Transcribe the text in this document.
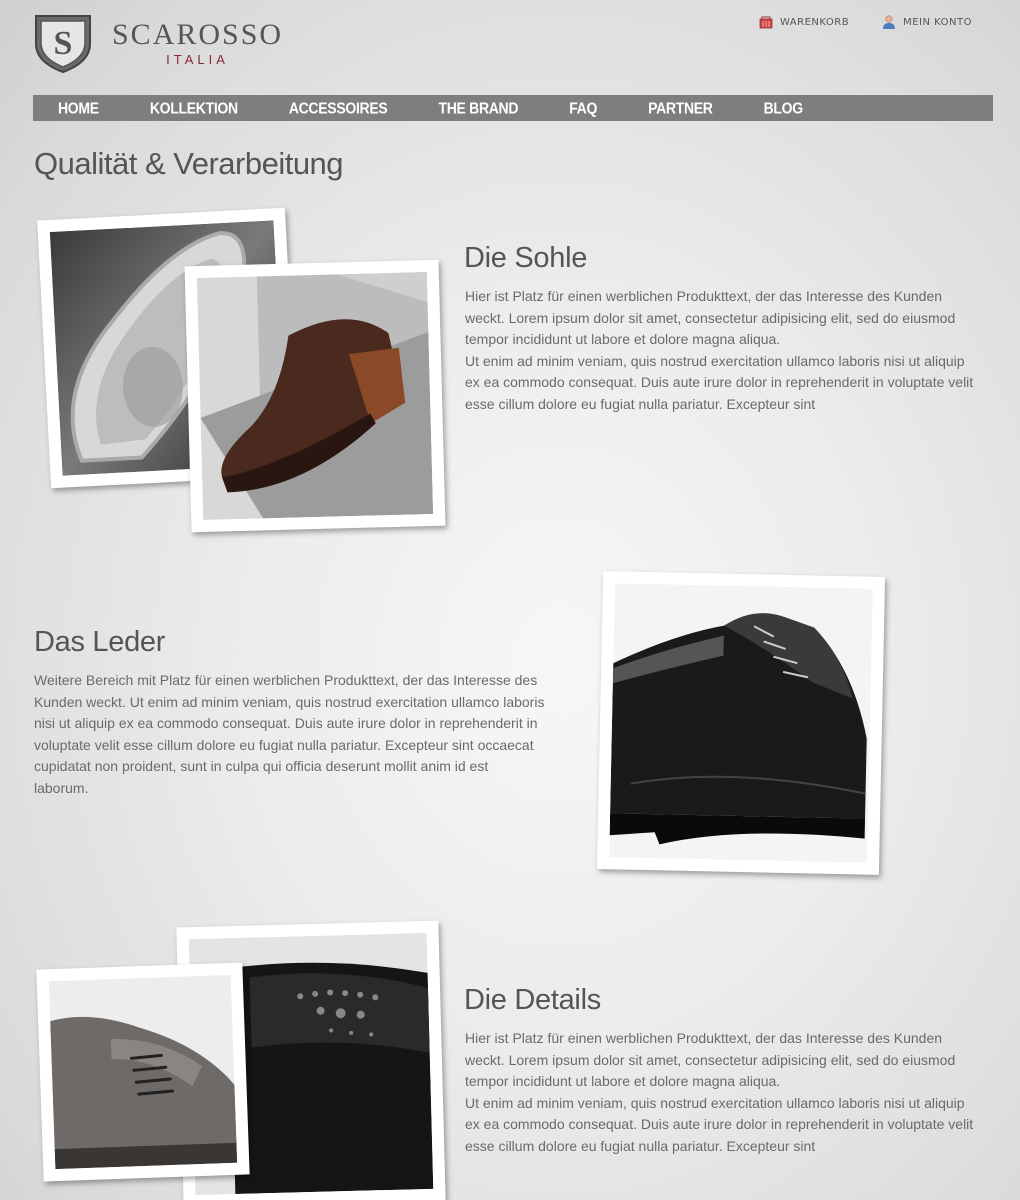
S SCAROSSO
ITALIA
WARENKORB	MEIN KONTO
HOME	KOLLEKTION	ACCESSOIRES	THE BRAND	FAQ	PARTNER	BLOG
Qualität & Verarbeitung
Die Sohle

Hier ist Platz für einen werblichen Produkttext, der das Interesse des Kunden weckt. Lorem ipsum dolor sit amet, consectetur adipisicing elit, sed do eiusmod tempor incididunt ut labore et dolore magna aliqua.

Ut enim ad minim veniam, quis nostrud exercitation ullamco laboris nisi ut aliquip ex ea commodo consequat. Duis aute irure dolor in reprehenderit in voluptate velit esse cillum dolore eu fugiat nulla pariatur. Excepteur sint

Das Leder

Weitere Bereich mit Platz für einen werblichen Produkttext, der das Interesse des Kunden weckt. Ut enim ad minim veniam, quis nostrud exercitation ullamco laboris nisi ut aliquip ex ea commodo consequat. Duis aute irure dolor in reprehenderit in voluptate velit esse cillum dolore eu fugiat nulla pariatur. Excepteur sint occaecat cupidatat non proident, sunt in culpa qui officia deserunt mollit anim id est laborum.

Die Details

Hier ist Platz für einen werblichen Produkttext, der das Interesse des Kunden weckt. Lorem ipsum dolor sit amet, consectetur adipisicing elit, sed do eiusmod tempor incididunt ut labore et dolore magna aliqua.

Ut enim ad minim veniam, quis nostrud exercitation ullamco laboris nisi ut aliquip ex ea commodo consequat. Duis aute irure dolor in reprehenderit in voluptate velit esse cillum dolore eu fugiat nulla pariatur. Excepteur sint
